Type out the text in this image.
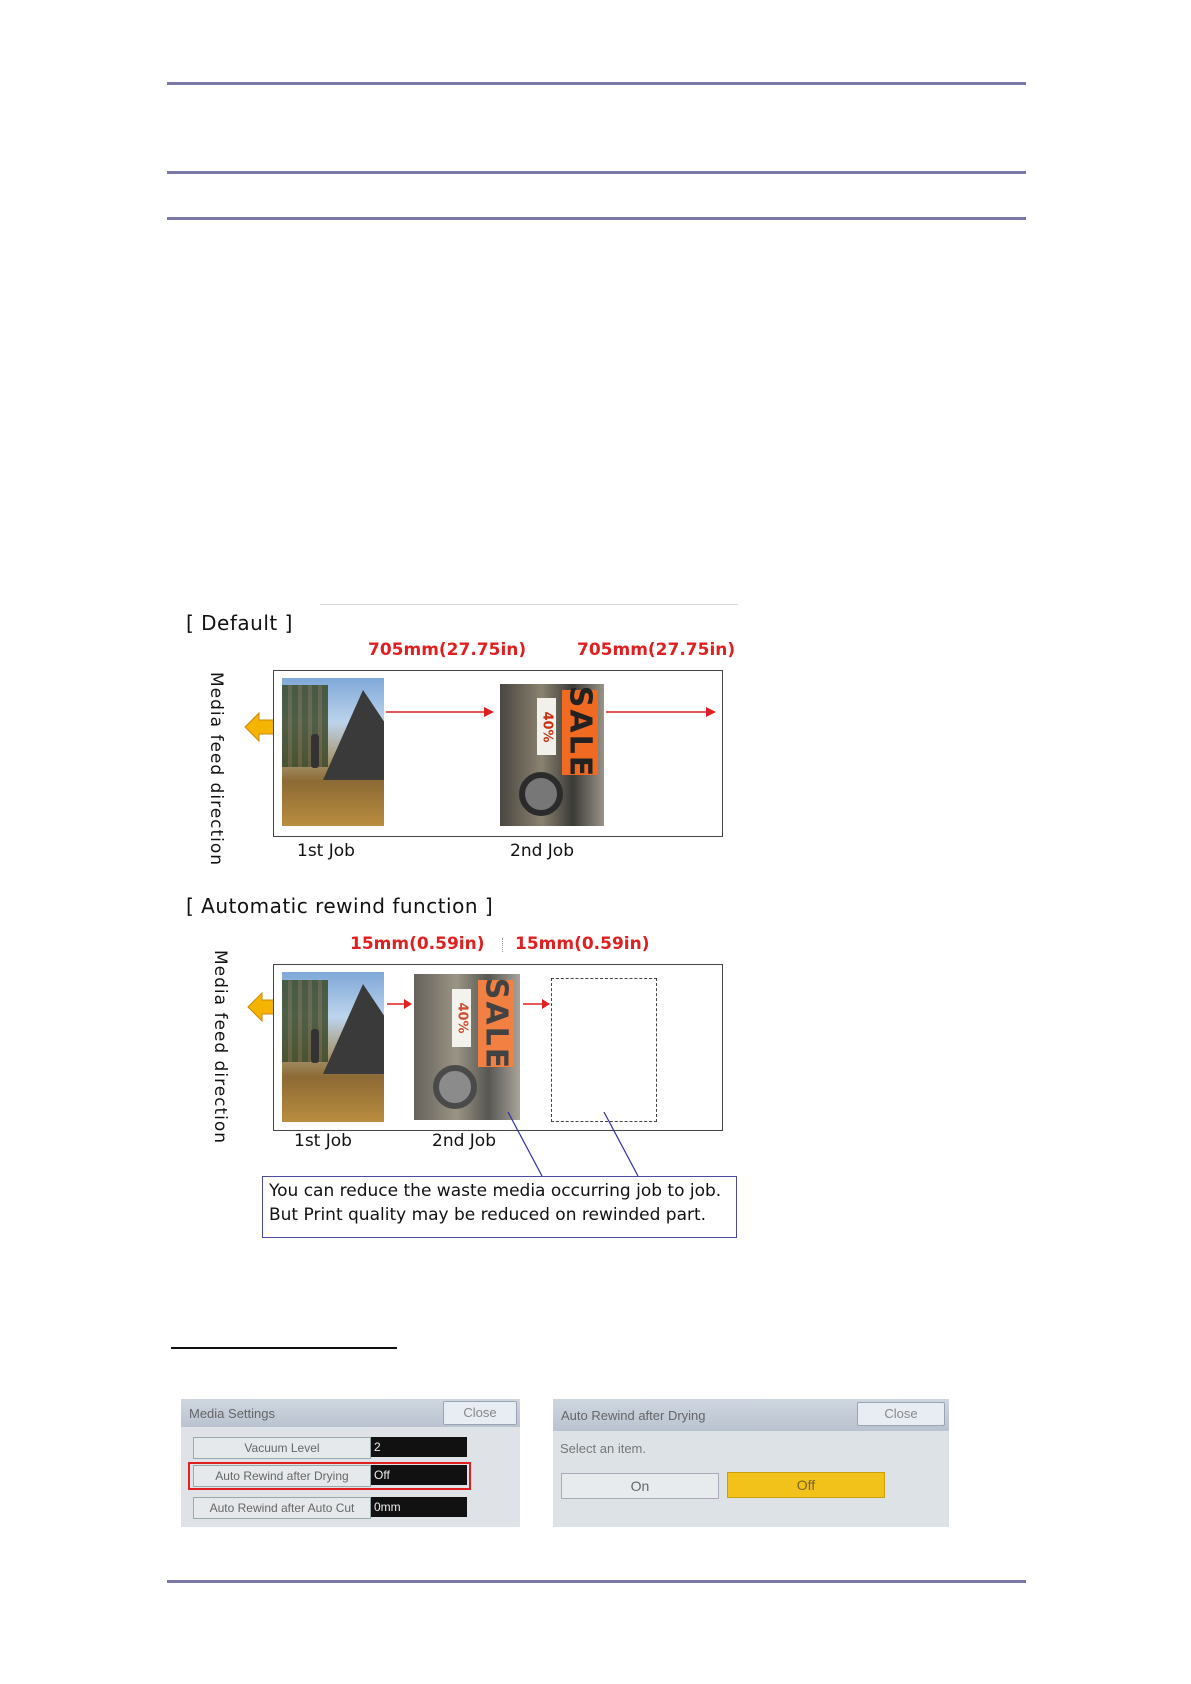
[ Default ]
705mm(27.75in)	705mm(27.75in)
Media feed direction	SALE
40%
1st Job	2nd Job
[ Automatic rewind function ]
15mm(0.59in) 15mm(0.59in)
Media feed direction	SALE
40%
1st Job	2nd Job
You can reduce the waste media occurring job to job.
But Print quality may be reduced on rewinded part.
Media Settings	Close
Vacuum Level	2
Auto Rewind after Drying	Off
Auto Rewind after Auto Cut	0mm
Auto Rewind after Drying	Close
Select an item.
On	Off
